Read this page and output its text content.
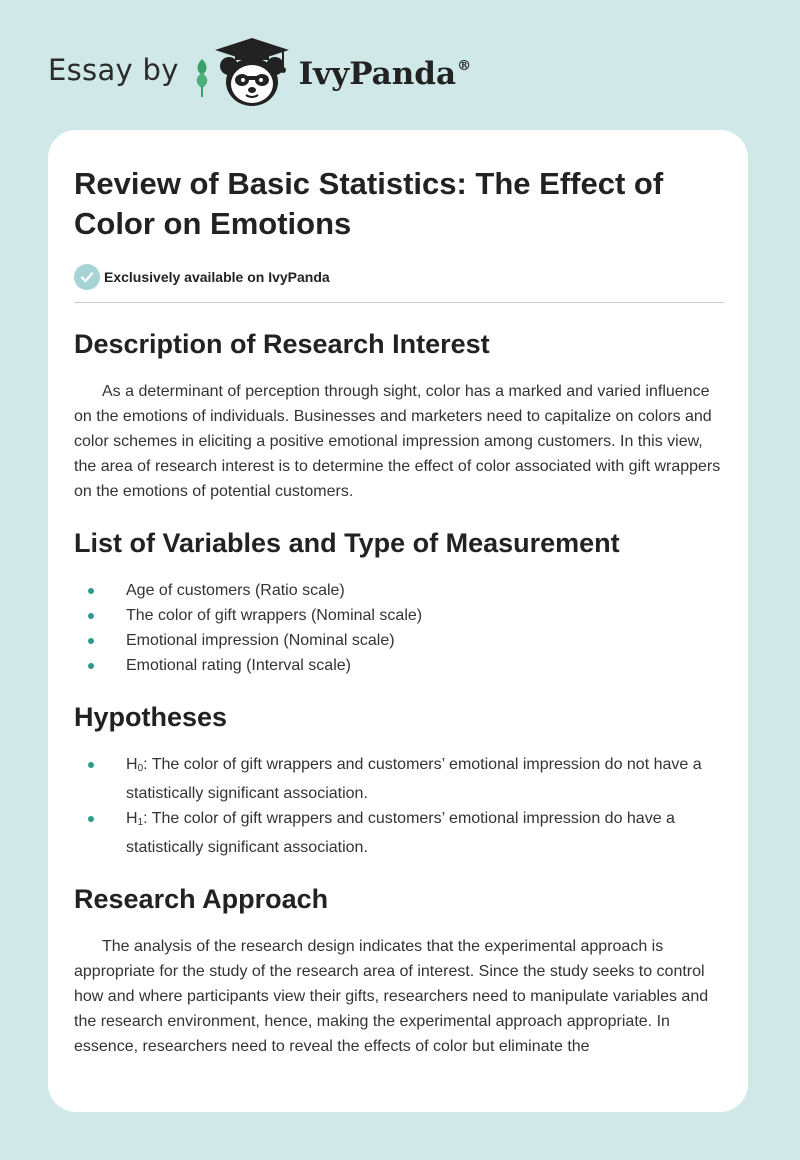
Essay by	IvyPanda®
Review of Basic Statistics: The Effect of Color on Emotions
Exclusively available on IvyPanda
Description of Research Interest

As a determinant of perception through sight, color has a marked and varied influence on the emotions of individuals. Businesses and marketers need to capitalize on colors and color schemes in eliciting a positive emotional impression among customers. In this view, the area of research interest is to determine the effect of color associated with gift wrappers on the emotions of potential customers.

List of Variables and Type of Measurement
Age of customers (Ratio scale)
The color of gift wrappers (Nominal scale)
Emotional impression (Nominal scale)
Emotional rating (Interval scale)
Hypotheses
$H_0$: The color of gift wrappers and customers’ emotional impression do not have a statistically significant association.
$H_1$: The color of gift wrappers and customers’ emotional impression do have a statistically significant association.
Research Approach

The analysis of the research design indicates that the experimental approach is appropriate for the study of the research area of interest. Since the study seeks to control how and where participants view their gifts, researchers need to manipulate variables and the research environment, hence, making the experimental approach appropriate. In essence, researchers need to reveal the effects of color but eliminate the
